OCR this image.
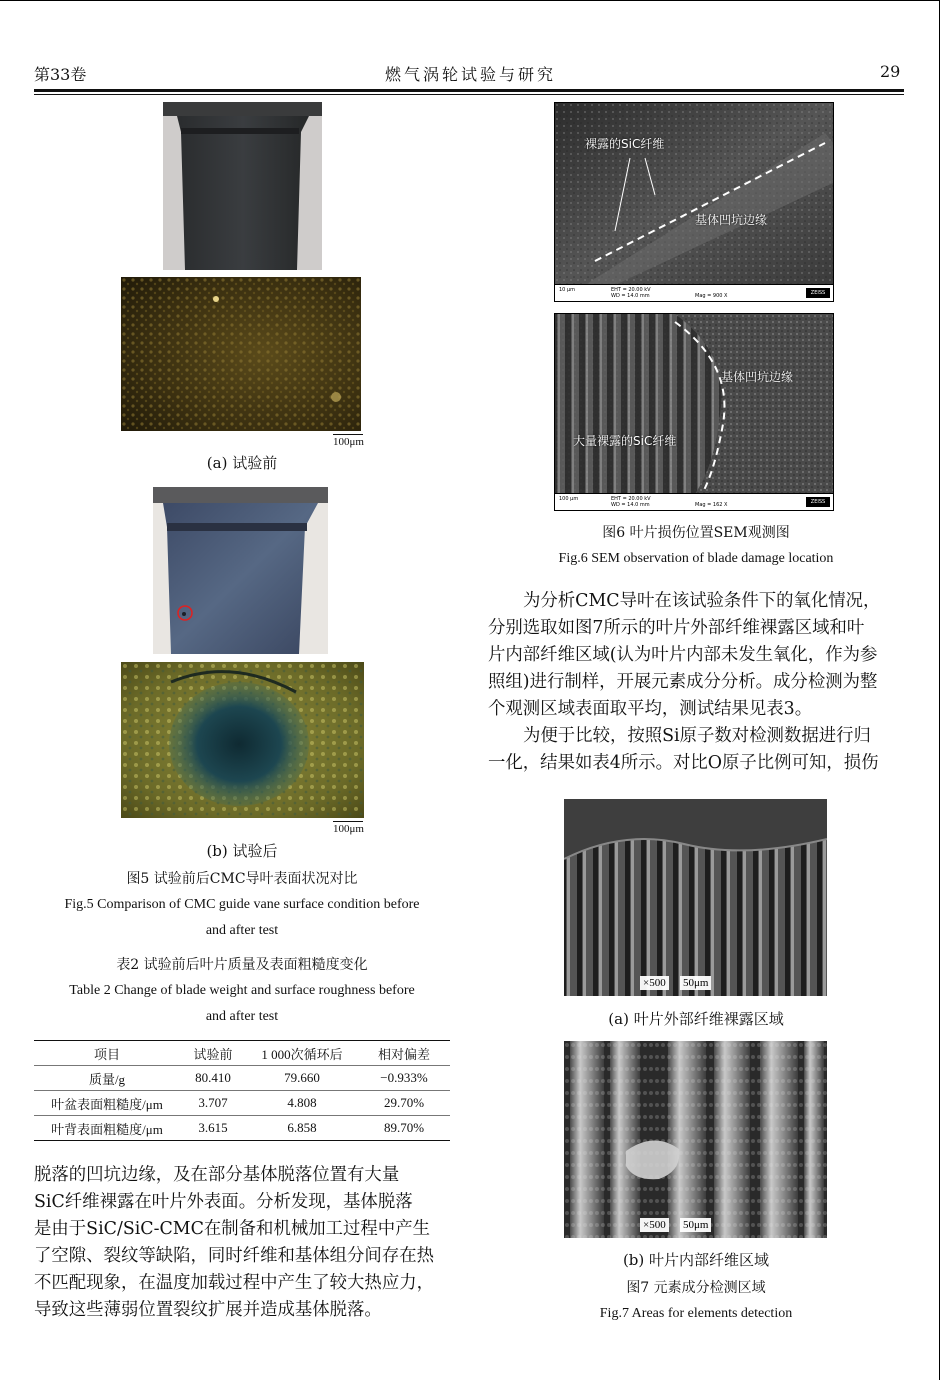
第33卷	燃气涡轮试验与研究	29
100μm
(a) 试验前
100μm
(b) 试验后
图5 试验前后CMC导叶表面状况对比
Fig.5 Comparison of CMC guide vane surface condition before
and after test
表2 试验前后叶片质量及表面粗糙度变化
Table 2 Change of blade weight and surface roughness before
and after test
项目	试验前	1 000次循环后	相对偏差
质量/g	80.410	79.660	−0.933%
叶盆表面粗糙度/μm	3.707	4.808	29.70%
叶背表面粗糙度/μm	3.615	6.858	89.70%
脱落的凹坑边缘，及在部分基体脱落位置有大量
SiC纤维裸露在叶片外表面。分析发现，基体脱落
是由于SiC/SiC-CMC在制备和机械加工过程中产生
了空隙、裂纹等缺陷，同时纤维和基体组分间存在热
不匹配现象，在温度加载过程中产生了较大热应力，
导致这些薄弱位置裂纹扩展并造成基体脱落。
裸露的SiC纤维
基体凹坑边缘
10 μm	EHT = 20.00 kV
WD = 14.0 mm	Mag = 900 X	ZEISS
基体凹坑边缘
大量裸露的SiC纤维
100 μm	EHT = 20.00 kV
WD = 14.0 mm	Mag = 162 X	ZEISS
图6 叶片损伤位置SEM观测图
Fig.6 SEM observation of blade damage location
为分析CMC导叶在该试验条件下的氧化情况，
分别选取如图7所示的叶片外部纤维裸露区域和叶
片内部纤维区域(认为叶片内部未发生氧化，作为参
照组)进行制样，开展元素成分分析。成分检测为整
个观测区域表面取平均，测试结果见表3。
为便于比较，按照Si原子数对检测数据进行归
一化，结果如表4所示。对比O原子比例可知，损伤
×500 50μm
(a) 叶片外部纤维裸露区域
×500 50μm
(b) 叶片内部纤维区域
图7 元素成分检测区域
Fig.7 Areas for elements detection
